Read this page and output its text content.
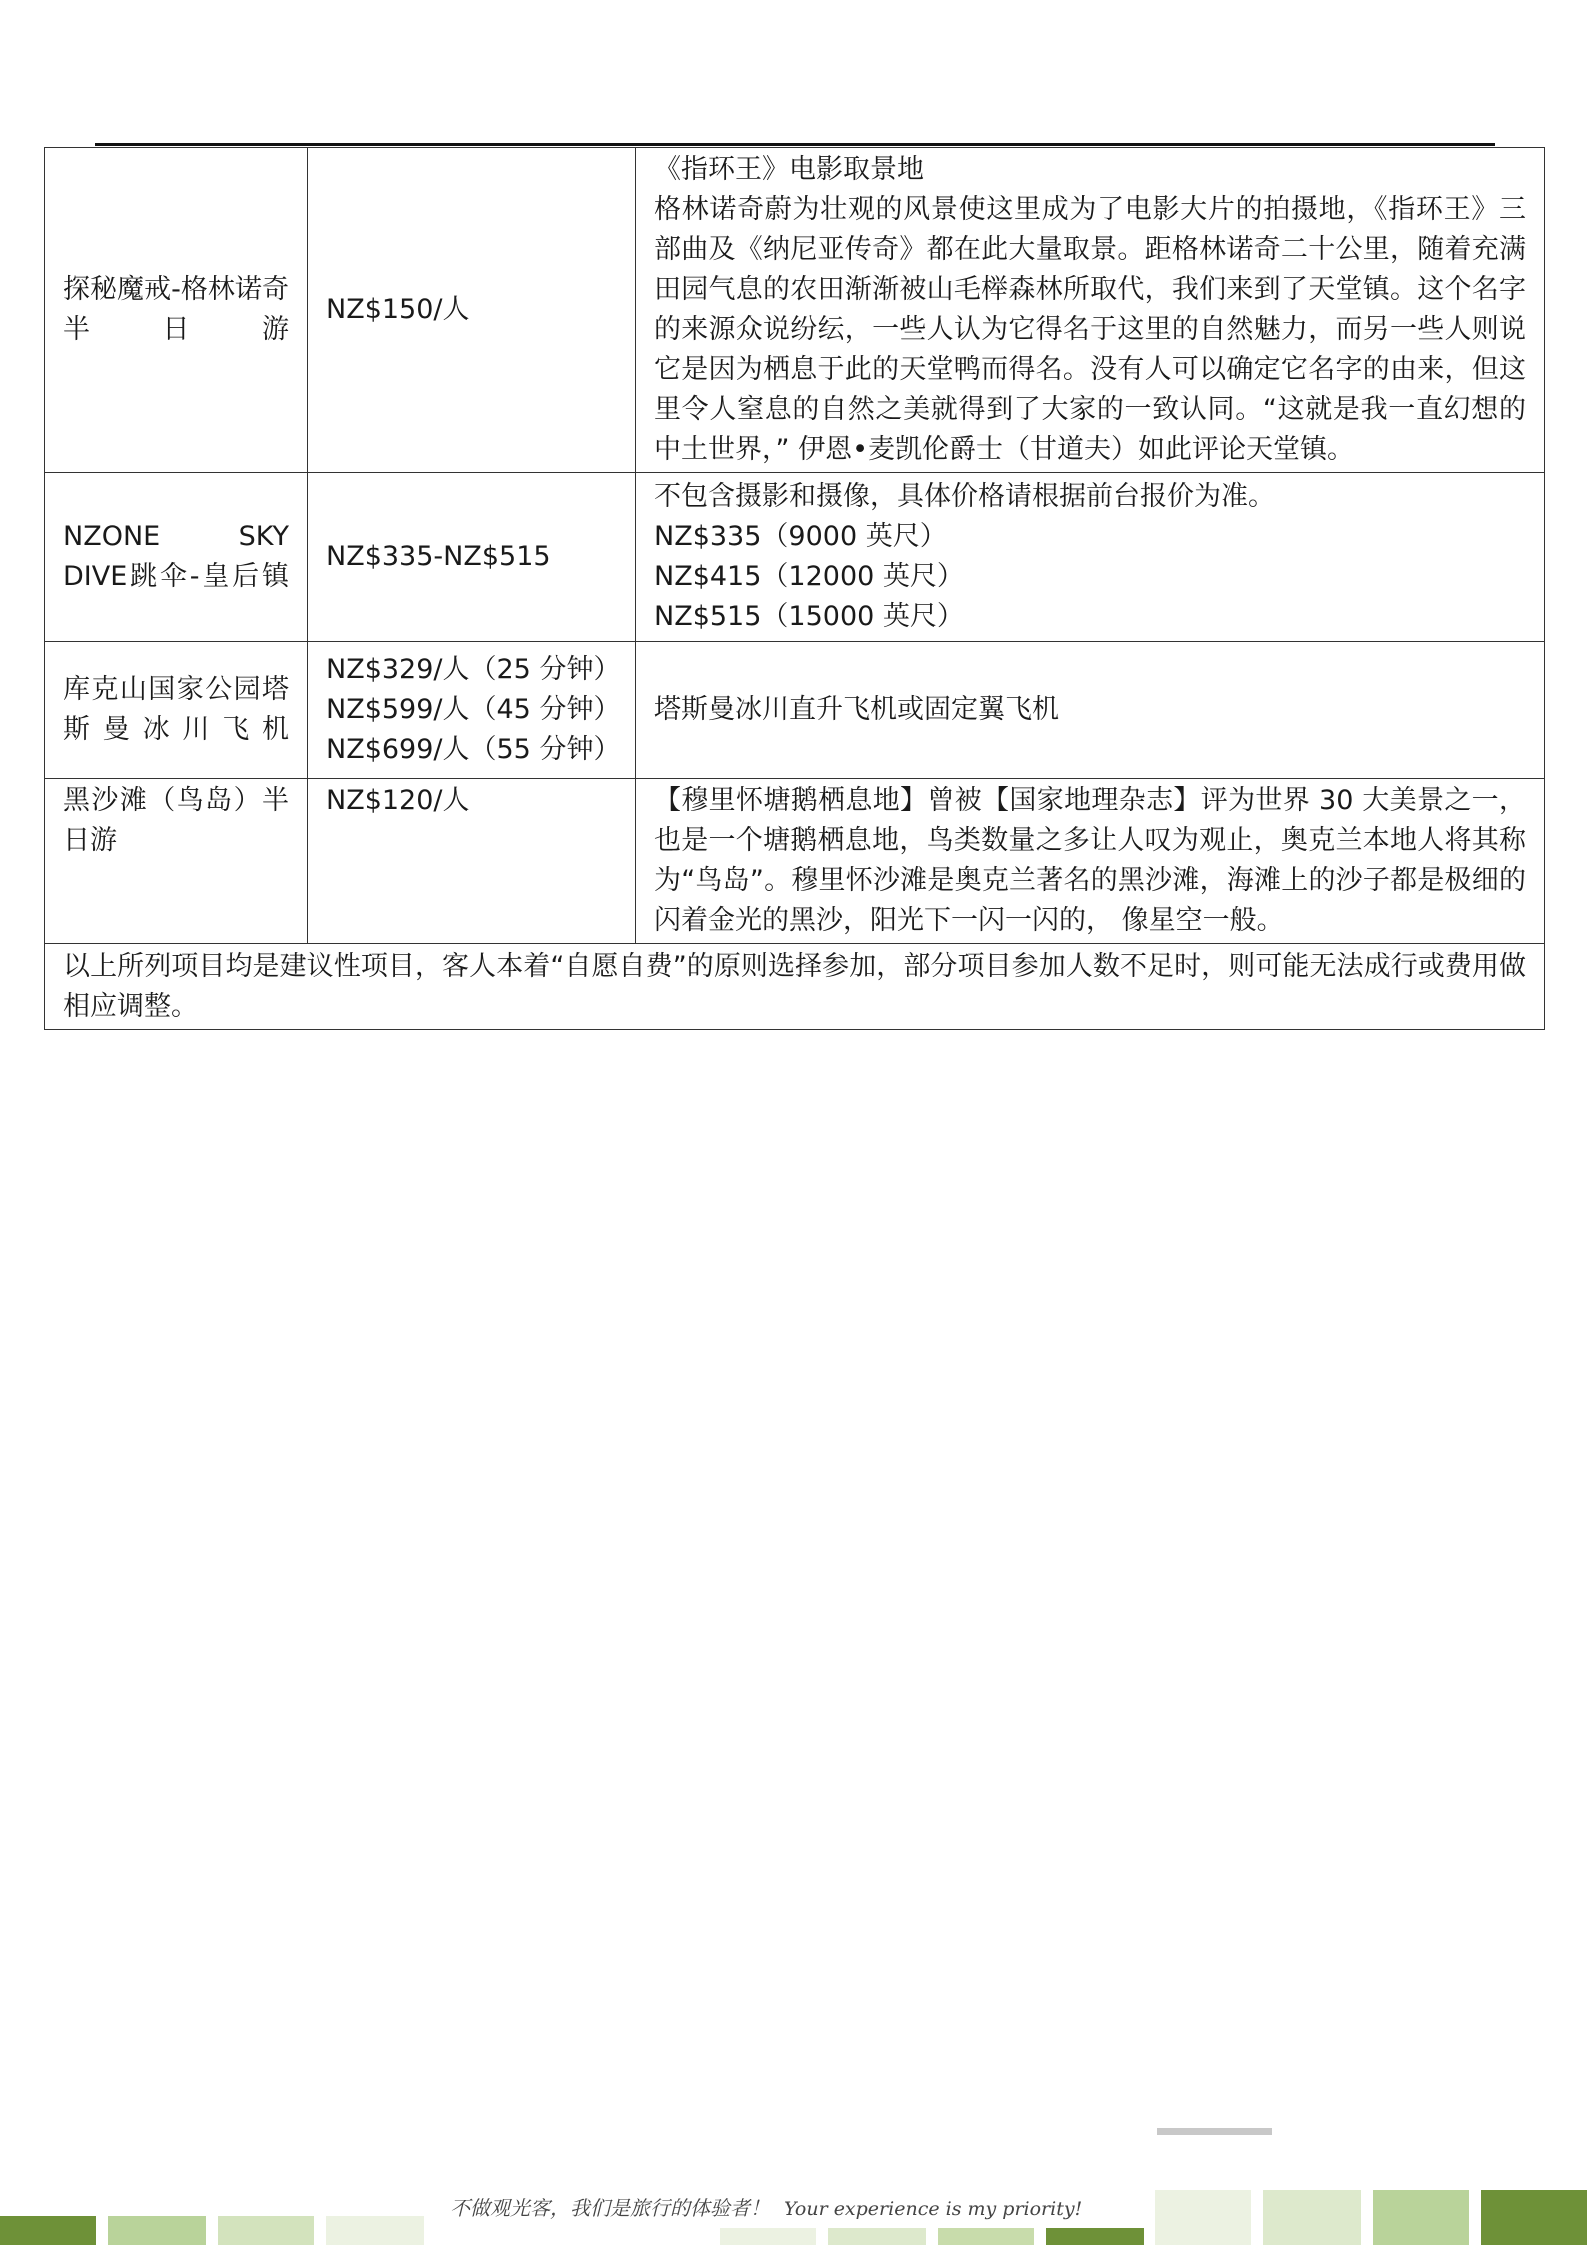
探秘魔戒-格林诺奇半日游	NZ$150/人	《指环王》电影取景地

格林诺奇蔚为壮观的风景使这里成为了电影大片的拍摄地，《指环王》三部曲及《纳尼亚传奇》都在此大量取景。距格林诺奇二十公里，随着充满田园气息的农田渐渐被山毛榉森林所取代，我们来到了天堂镇。这个名字的来源众说纷纭，一些人认为它得名于这里的自然魅力，而另一些人则说它是因为栖息于此的天堂鸭而得名。没有人可以确定它名字的由来，但这里令人窒息的自然之美就得到了大家的一致认同。“这就是我一直幻想的中土世界，” 伊恩•麦凯伦爵士（甘道夫）如此评论天堂镇。

NZONE SKY DIVE跳伞-皇后镇	NZ$335-NZ$515	不包含摄影和摄像，具体价格请根据前台报价为准。

NZ$335（9000 英尺）

NZ$415（12000 英尺）

NZ$515（15000 英尺）

库克山国家公园塔斯曼冰川飞机	NZ$329/人（25 分钟）
NZ$599/人（45 分钟）
NZ$699/人（55 分钟）	塔斯曼冰川直升飞机或固定翼飞机

黑沙滩（鸟岛）半日游	NZ$120/人	【穆里怀塘鹅栖息地】曾被【国家地理杂志】评为世界 30 大美景之一，也是一个塘鹅栖息地，鸟类数量之多让人叹为观止，奥克兰本地人将其称为“鸟岛”。穆里怀沙滩是奥克兰著名的黑沙滩，海滩上的沙子都是极细的闪着金光的黑沙，阳光下一闪一闪的， 像星空一般。

以上所列项目均是建议性项目，客人本着“自愿自费”的原则选择参加，部分项目参加人数不足时，则可能无法成行或费用做相应调整。		
不做观光客，我们是旅行的体验者！ Your experience is my priority!
